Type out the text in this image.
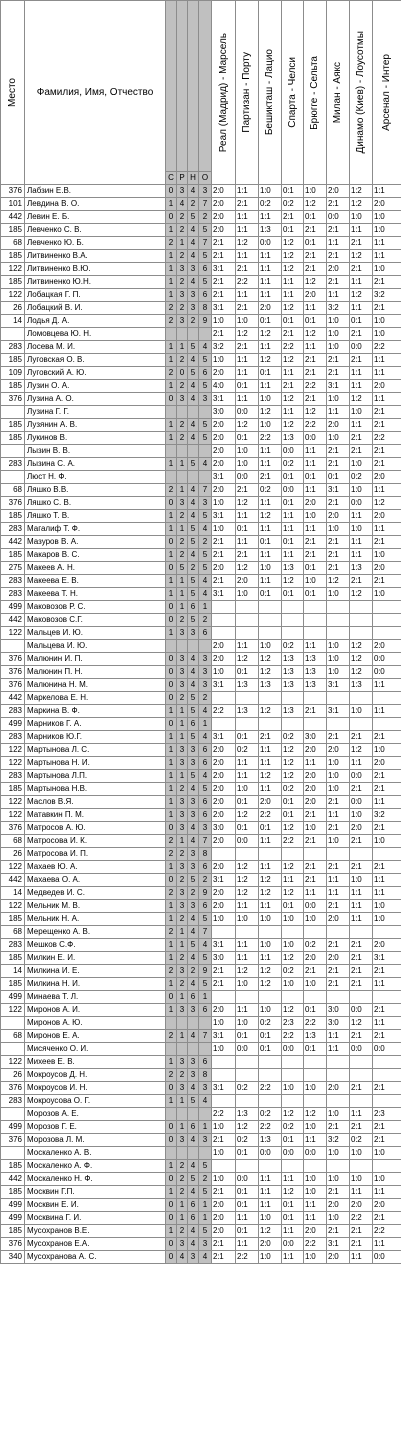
Место	Фамилия, Имя, Отчество					Реал (Мадрид) - Марсель	Партизан - Порту	Бешикташ - Лацио	Спарта - Челси	Брюгге - Сельта	Милан - Аякс	Динамо (Киев) - Лоусотмы	Арсенал - Интер

		С	Р	Н	О								
376	Лабзин Е.В.	0	3	4	3	2:0	1:1	1:0	0:1	1:0	2:0	1:2	1:1
101	Левдина В. О.	1	4	2	7	2:0	2:1	0:2	0:2	1:2	2:1	1:2	2:0
442	Левин Е. Б.	0	2	5	2	2:0	1:1	1:1	2:1	0:1	0:0	1:0	1:0
185	Левченко С. В.	1	2	4	5	2:0	1:1	1:3	0:1	2:1	2:1	1:1	1:0
68	Левченко Ю. Б.	2	1	4	7	2:1	1:2	0:0	1:2	0:1	1:1	2:1	1:1
185	Литвиненко В.А.	1	2	4	5	2:1	1:1	1:1	1:2	2:1	2:1	1:2	1:1
122	Литвиненко В.Ю.	1	3	3	6	3:1	2:1	1:1	1:2	2:1	2:0	2:1	1:0
185	Литвиненко Ю.Н.	1	2	4	5	2:1	2:2	1:1	1:1	1:2	2:1	1:1	2:1
122	Лобацкая Г. П.	1	3	3	6	2:1	1:1	1:1	1:1	2:0	1:1	1:2	3:2
26	Лобацкий В. И.	2	2	3	8	3:1	2:1	2:0	1:2	1:1	3:2	1:1	2:1
14	Лодья Д. А.	2	3	2	9	1:0	1:0	0:1	0:1	0:1	1:0	0:1	1:0
	Ломовцева Ю. Н.					2:1	1:2	1:2	2:1	1:2	1:0	2:1	1:0
283	Лосева М. И.	1	1	5	4	3:2	2:1	1:1	2:2	1:1	1:0	0:0	2:2
185	Луговская О. В.	1	2	4	5	1:0	1:1	1:2	1:2	2:1	2:1	2:1	1:1
109	Луговский А. Ю.	2	0	5	6	2:0	1:1	0:1	1:1	2:1	2:1	1:1	1:1
185	Лузин О. А.	1	2	4	5	4:0	0:1	1:1	2:1	2:2	3:1	1:1	2:0
376	Лузина А. О.	0	3	4	3	3:1	1:1	1:0	1:2	2:1	1:0	1:2	1:1
	Лузина Г. Г.					3:0	0:0	1:2	1:1	1:2	1:1	1:0	2:1
185	Лузянин А. В.	1	2	4	5	2:0	1:2	1:0	1:2	2:2	2:0	1:1	2:1
185	Лукинов В.	1	2	4	5	2:0	0:1	2:2	1:3	0:0	1:0	2:1	2:2
	Лызин В. В.					2:0	1:0	1:1	0:0	1:1	2:1	2:1	2:1
283	Лызина С. А.	1	1	5	4	2:0	1:0	1:1	0:2	1:1	2:1	1:0	2:1
	Люст Н. Ф.					3:1	0:0	2:1	0:1	0:1	0:1	0:2	2:0
68	Ляшко В.В.	2	1	4	7	2:0	2:1	0:2	0:0	1:1	3:1	1:0	1:1
376	Ляшко С. В.	0	3	4	3	1:0	1:2	1:1	0:1	2:0	2:1	0:0	1:2
185	Ляшко Т. В.	1	2	4	5	3:1	1:1	1:2	1:1	1:0	2:0	1:1	2:0
283	Магалиф Т. Ф.	1	1	5	4	1:0	0:1	1:1	1:1	1:1	1:0	1:0	1:1
442	Мазуров В. А.	0	2	5	2	2:1	1:1	0:1	0:1	2:1	2:1	1:1	2:1
185	Макаров В. С.	1	2	4	5	2:1	2:1	1:1	1:1	2:1	2:1	1:1	1:0
275	Макеев А. Н.	0	5	2	5	2:0	1:2	1:0	1:3	0:1	2:1	1:3	2:0
283	Макеева Е. В.	1	1	5	4	2:1	2:0	1:1	1:2	1:0	1:2	2:1	2:1
283	Макеева Т. Н.	1	1	5	4	3:1	1:0	0:1	0:1	0:1	1:0	1:2	1:0
499	Маковозов Р. С.	0	1	6	1								
442	Маковозов С.Г.	0	2	5	2								
122	Мальцев И. Ю.	1	3	3	6								
	Мальцева И. Ю.					2:0	1:1	1:0	0:2	1:1	1:0	1:2	2:0
376	Малюнин И. П.	0	3	4	3	2:0	1:2	1:2	1:3	1:3	1:0	1:2	0:0
376	Малюнин П. Н.	0	3	4	3	1:0	0:1	1:2	1:3	1:3	1:0	1:2	0:0
376	Малюнина Н. М.	0	3	4	3	3:1	1:3	1:3	1:3	1:3	3:1	1:3	1:1
442	Маркелова Е. Н.	0	2	5	2								
283	Маркина В. Ф.	1	1	5	4	2:2	1:3	1:2	1:3	2:1	3:1	1:0	1:1
499	Марников Г. А.	0	1	6	1								
283	Марников Ю.Г.	1	1	5	4	3:1	0:1	2:1	0:2	3:0	2:1	2:1	2:1
122	Мартынова Л. С.	1	3	3	6	2:0	0:2	1:1	1:2	2:0	2:0	1:2	1:0
122	Мартынова Н. И.	1	3	3	6	2:0	1:1	1:1	1:2	1:1	1:0	1:1	2:0
283	Мартынова Л.П.	1	1	5	4	2:0	1:1	1:2	1:2	2:0	1:0	0:0	2:1
185	Мартынова Н.В.	1	2	4	5	2:0	1:0	1:1	0:2	2:0	1:0	2:1	2:1
122	Маслов В.Я.	1	3	3	6	2:0	0:1	2:0	0:1	2:0	2:1	0:0	1:1
122	Матавкин П. М.	1	3	3	6	2:0	1:2	2:2	0:1	2:1	1:1	1:0	3:2
376	Матросов А. Ю.	0	3	4	3	3:0	0:1	0:1	1:2	1:0	2:1	2:0	2:1
68	Матросова И. К.	2	1	4	7	2:0	0:0	1:1	2:2	2:1	1:0	2:1	1:0
26	Матросова И. П.	2	2	3	8								
122	Махаев Ю. А.	1	3	3	6	2:0	1:2	1:1	1:2	2:1	2:1	2:1	2:1
442	Махаева О. А.	0	2	5	2	3:1	1:2	1:2	1:1	2:1	1:1	1:0	1:1
14	Медведев И. С.	2	3	2	9	2:0	1:2	1:2	1:2	1:1	1:1	1:1	1:1
122	Мельник М. В.	1	3	3	6	2:0	1:1	1:1	0:1	0:0	2:1	1:1	1:0
185	Мельник Н. А.	1	2	4	5	1:0	1:0	1:0	1:0	1:0	2:0	1:1	1:0
68	Мерещенко А. В.	2	1	4	7								
283	Мешков С.Ф.	1	1	5	4	3:1	1:1	1:0	1:0	0:2	2:1	2:1	2:0
185	Милкин Е. И.	1	2	4	5	3:0	1:1	1:1	1:2	2:0	2:0	2:1	3:1
14	Милкина И. Е.	2	3	2	9	2:1	1:2	1:2	0:2	2:1	2:1	2:1	2:1
185	Милкина Н. И.	1	2	4	5	2:1	1:0	1:2	1:0	1:0	2:1	2:1	1:1
499	Минаева Т. Л.	0	1	6	1								
122	Миронов А. И.	1	3	3	6	2:0	1:1	1:0	1:2	0:1	3:0	0:0	2:1
	Миронов А. Ю.					1:0	1:0	0:2	2:3	2:2	3:0	1:2	1:1
68	Миронов Е. А.	2	1	4	7	3:1	0:1	0:1	2:2	1:3	1:1	2:1	2:1
	Мисяченко О. И.					1:0	0:0	0:1	0:0	0:1	1:1	0:0	0:0
122	Михеев Е. В.	1	3	3	6								
26	Мокроусов Д. Н.	2	2	3	8								
376	Мокроусов И. Н.	0	3	4	3	3:1	0:2	2:2	1:0	1:0	2:0	2:1	2:1
283	Мокроусова О. Г.	1	1	5	4								
	Морозов А. Е.					2:2	1:3	0:2	1:2	1:2	1:0	1:1	2:3
499	Морозов Г. Е.	0	1	6	1	1:0	1:2	2:2	0:2	1:0	2:1	2:1	2:1
376	Морозова Л. М.	0	3	4	3	2:1	0:2	1:3	0:1	1:1	3:2	0:2	2:1
	Москаленко А. В.					1:0	0:1	0:0	0:0	0:0	1:0	1:0	1:0
185	Москаленко А. Ф.	1	2	4	5								
442	Москаленко Н. Ф.	0	2	5	2	1:0	0:0	1:1	1:1	1:0	1:0	1:0	1:0
185	Москвин Г.П.	1	2	4	5	2:1	0:1	1:1	1:2	1:0	2:1	1:1	1:1
499	Москвин Е. И.	0	1	6	1	2:0	0:1	1:1	0:1	1:1	2:0	2:0	2:0
499	Москвина Г. И.	0	1	6	1	2:0	1:1	1:0	0:1	1:1	1:0	2:2	2:1
185	Мусохранов В.Е.	1	2	4	5	2:0	0:1	1:2	1:1	2:0	2:1	2:1	2:2
376	Мусохранов Е.А.	0	3	4	3	2:1	1:1	2:0	0:0	2:2	3:1	2:1	1:1
340	Мусохранова А. С.	0	4	3	4	2:1	2:2	1:0	1:1	1:0	2:0	1:1	0:0
